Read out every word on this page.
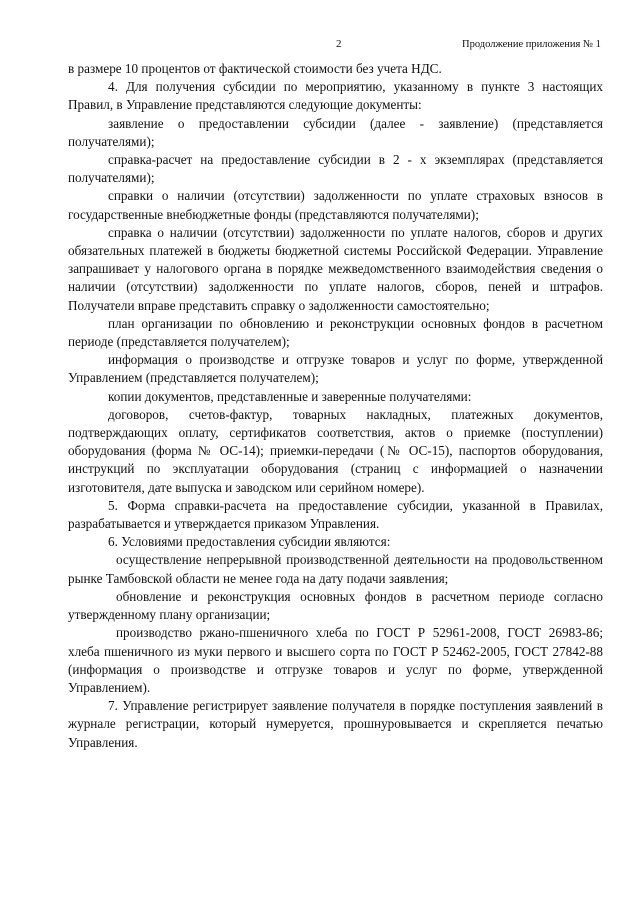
2	Продолжение приложения № 1

в размере 10 процентов от фактической стоимости без учета НДС.

4. Для получения субсидии по мероприятию, указанному в пункте 3 настоящих Правил, в Управление представляются следующие документы:

заявление о предоставлении субсидии (далее - заявление) (представляется получателями);

справка-расчет на предоставление субсидии в 2 - х экземплярах (представляется получателями);

справки о наличии (отсутствии) задолженности по уплате страховых взносов в государственные внебюджетные фонды (представляются получателями);

справка о наличии (отсутствии) задолженности по уплате налогов, сборов и других обязательных платежей в бюджеты бюджетной системы Российской Федерации. Управление запрашивает у налогового органа в порядке межведомственного взаимодействия сведения о наличии (отсутствии) задолженности по уплате налогов, сборов, пеней и штрафов. Получатели вправе представить справку о задолженности самостоятельно;

план организации по обновлению и реконструкции основных фондов в расчетном периоде (представляется получателем);

информация о производстве и отгрузке товаров и услуг по форме, утвержденной Управлением (представляется получателем);

копии документов, представленные и заверенные получателями:

договоров, счетов-фактур, товарных накладных, платежных документов, подтверждающих оплату, сертификатов соответствия, актов о приемке (поступлении) оборудования (форма № ОС-14); приемки-передачи (№ ОС-15), паспортов оборудования, инструкций по эксплуатации оборудования (страниц с информацией о назначении изготовителя, дате выпуска и заводском или серийном номере).

5. Форма справки-расчета на предоставление субсидии, указанной в Правилах, разрабатывается и утверждается приказом Управления.

6. Условиями предоставления субсидии являются:

осуществление непрерывной производственной деятельности на продовольственном рынке Тамбовской области не менее года на дату подачи заявления;

обновление и реконструкция основных фондов в расчетном периоде согласно утвержденному плану организации;

производство ржано-пшеничного хлеба по ГОСТ Р 52961-2008, ГОСТ 26983-86; хлеба пшеничного из муки первого и высшего сорта по ГОСТ Р 52462-2005, ГОСТ 27842-88 (информация о производстве и отгрузке товаров и услуг по форме, утвержденной Управлением).

7. Управление регистрирует заявление получателя в порядке поступления заявлений в журнале регистрации, который нумеруется, прошнуровывается и скрепляется печатью Управления.
